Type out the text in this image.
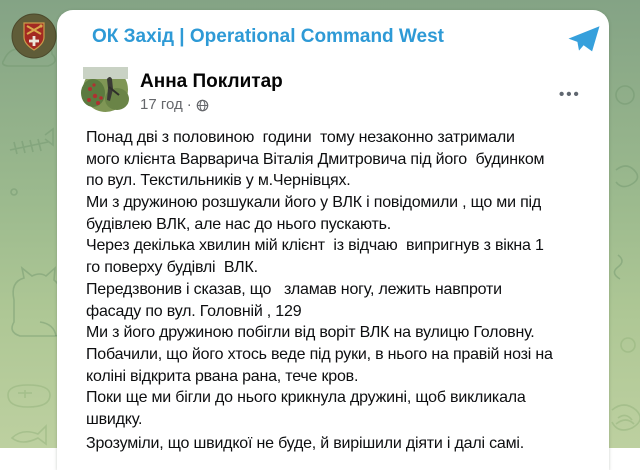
ОК Захід | Operational Command West
Анна Поклитар
17 год ·
•••
Понад дві з половиною  години  тому незаконно затримали
мого клієнта Варварича Віталія Дмитровича під його  будинком
по вул. Текстильників у м.Чернівцях.
Ми з дружиною розшукали його у ВЛК і повідомили , що ми під
будівлею ВЛК, але нас до нього пускають.
Через декілька хвилин мій клієнт  із відчаю  випригнув з вікна 1
го поверху будівлі  ВЛК.
Передзвонив і сказав, що   зламав ногу, лежить навпроти
фасаду по вул. Головній , 129
Ми з його дружиною побігли від воріт ВЛК на вулицю Головну.
Побачили, що його хтось веде під руки, в нього на правій нозі на
коліні відкрита рвана рана, тече кров.
Поки ще ми бігли до нього крикнула дружині, щоб викликала
швидку.
Зрозуміли, що швидкої не буде, й вирішили діяти і далі самі.
